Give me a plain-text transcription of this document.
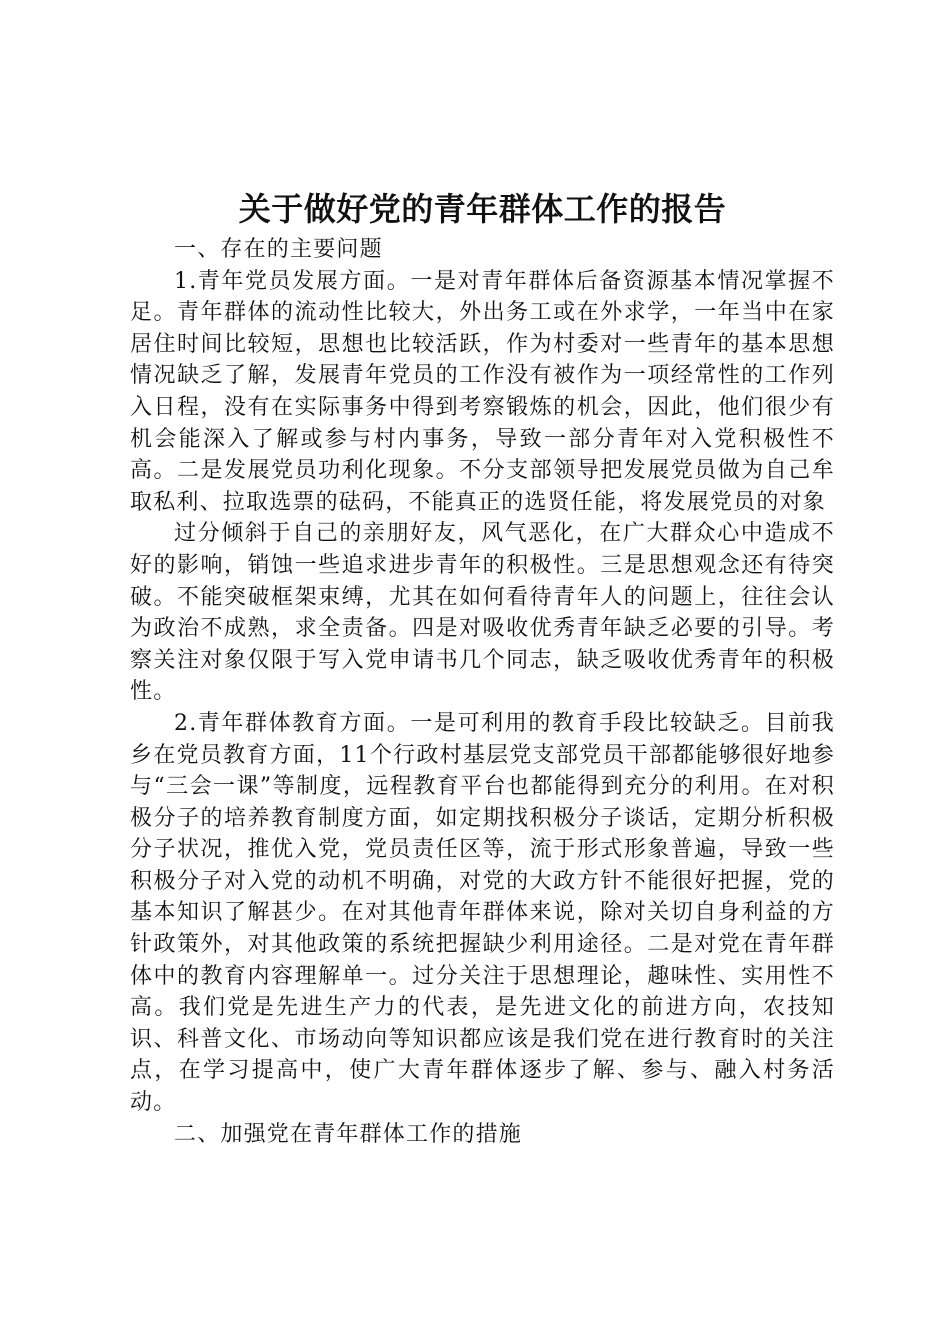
关于做好党的青年群体工作的报告

一、存在的主要问题

1.青年党员发展方面。一是对青年群体后备资源基本情况掌握不足。青年群体的流动性比较大，外出务工或在外求学，一年当中在家居住时间比较短，思想也比较活跃，作为村委对一些青年的基本思想情况缺乏了解，发展青年党员的工作没有被作为一项经常性的工作列入日程，没有在实际事务中得到考察锻炼的机会，因此，他们很少有机会能深入了解或参与村内事务，导致一部分青年对入党积极性不高。二是发展党员功利化现象。不分支部领导把发展党员做为自己牟取私利、拉取选票的砝码，不能真正的选贤任能，将发展党员的对象

过分倾斜于自己的亲朋好友，风气恶化，在广大群众心中造成不好的影响，销蚀一些追求进步青年的积极性。三是思想观念还有待突破。不能突破框架束缚，尤其在如何看待青年人的问题上，往往会认为政治不成熟，求全责备。四是对吸收优秀青年缺乏必要的引导。考察关注对象仅限于写入党申请书几个同志，缺乏吸收优秀青年的积极性。

2.青年群体教育方面。一是可利用的教育手段比较缺乏。目前我乡在党员教育方面，11个行政村基层党支部党员干部都能够很好地参与“三会一课”等制度，远程教育平台也都能得到充分的利用。在对积极分子的培养教育制度方面，如定期找积极分子谈话，定期分析积极分子状况，推优入党，党员责任区等，流于形式形象普遍，导致一些积极分子对入党的动机不明确，对党的大政方针不能很好把握，党的基本知识了解甚少。在对其他青年群体来说，除对关切自身利益的方针政策外，对其他政策的系统把握缺少利用途径。二是对党在青年群体中的教育内容理解单一。过分关注于思想理论，趣味性、实用性不高。我们党是先进生产力的代表，是先进文化的前进方向，农技知识、科普文化、市场动向等知识都应该是我们党在进行教育时的关注点，在学习提高中，使广大青年群体逐步了解、参与、融入村务活动。

二、加强党在青年群体工作的措施
